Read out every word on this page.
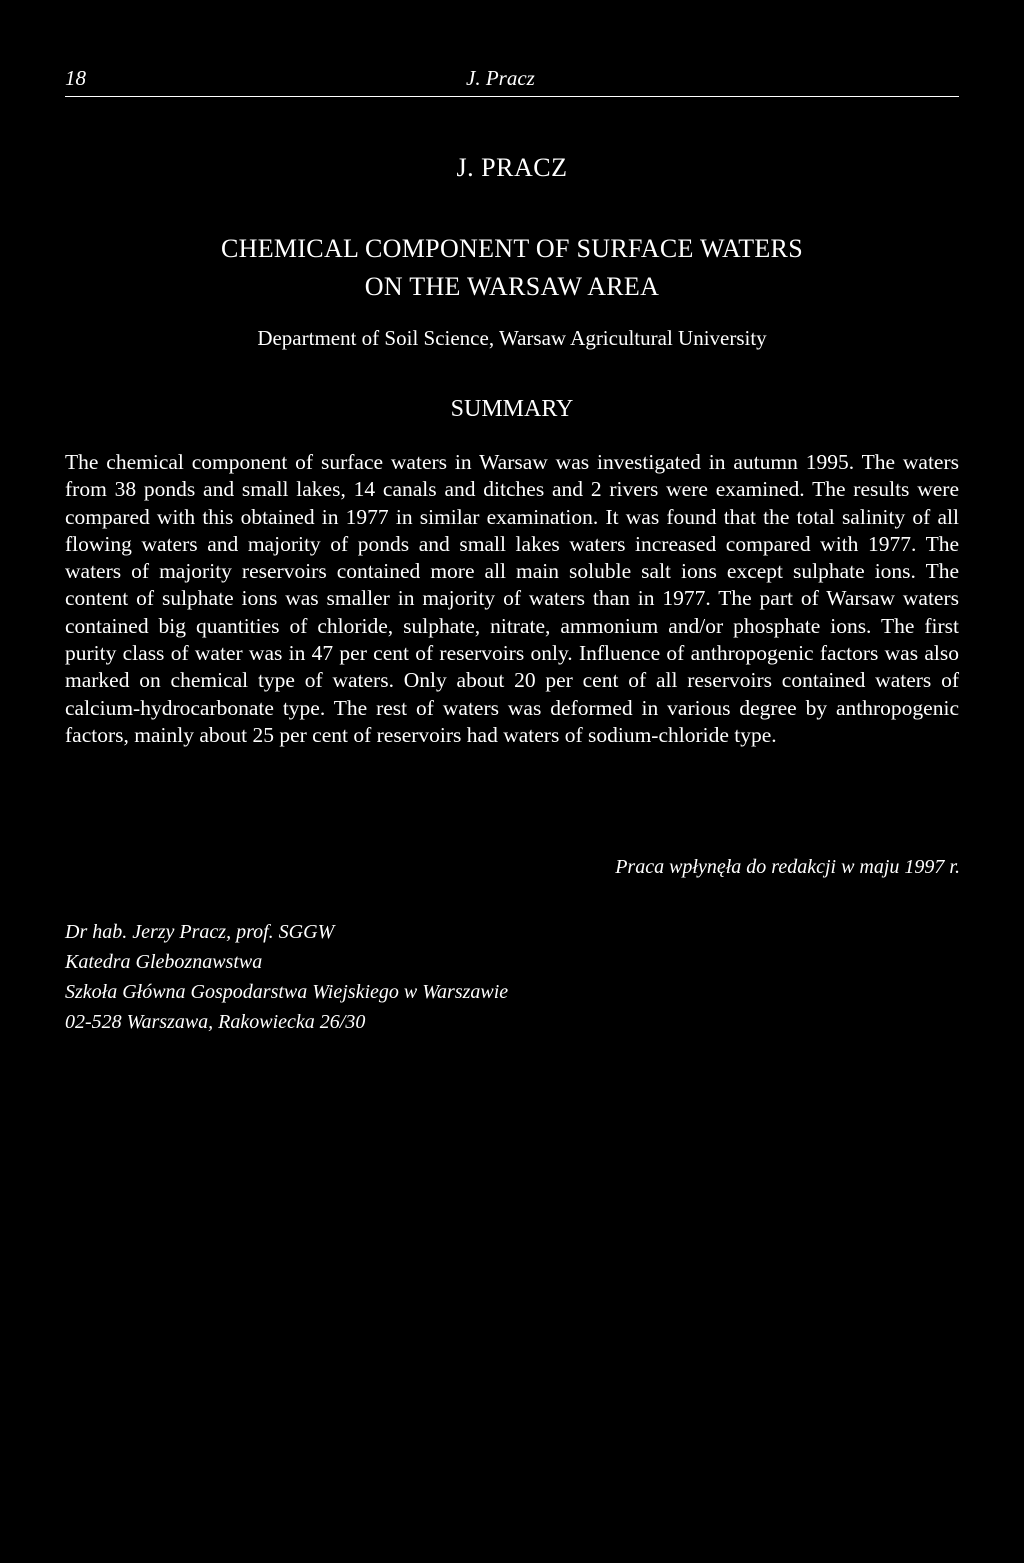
18	J. Pracz
J. PRACZ
CHEMICAL COMPONENT OF SURFACE WATERS
ON THE WARSAW AREA
Department of Soil Science, Warsaw Agricultural University
SUMMARY

The chemical component of surface waters in Warsaw was investigated in autumn 1995. The waters from 38 ponds and small lakes, 14 canals and ditches and 2 rivers were examined. The results were compared with this obtained in 1977 in similar examination. It was found that the total salinity of all flowing waters and majority of ponds and small lakes waters increased compared with 1977. The waters of majority reservoirs contained more all main soluble salt ions except sulphate ions. The content of sulphate ions was smaller in majority of waters than in 1977. The part of Warsaw waters contained big quantities of chloride, sulphate, nitrate, ammonium and/or phosphate ions. The first purity class of water was in 47 per cent of reservoirs only. Influence of anthropogenic factors was also marked on chemical type of waters. Only about 20 per cent of all reservoirs contained waters of calcium-hydrocarbonate type. The rest of waters was deformed in various degree by anthropogenic factors, mainly about 25 per cent of reservoirs had waters of sodium-chloride type.

Praca wpłynęła do redakcji w maju 1997 r.
Dr hab. Jerzy Pracz, prof. SGGW
Katedra Gleboznawstwa
Szkoła Główna Gospodarstwa Wiejskiego w Warszawie
02-528 Warszawa, Rakowiecka 26/30
